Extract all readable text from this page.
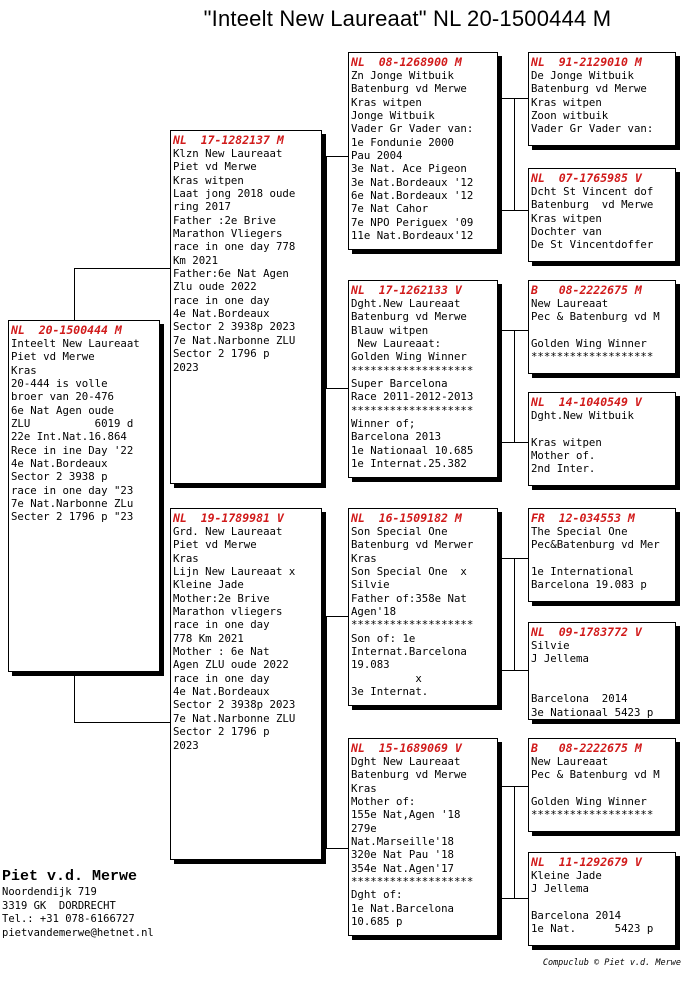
"Inteelt New Laureaat" NL 20-1500444 M
NL  20-1500444 M
Inteelt New Laureaat
Piet vd Merwe
Kras
20-444 is volle
broer van 20-476
6e Nat Agen oude
ZLU          6019 d
22e Int.Nat.16.864
Rece in ine Day '22
4e Nat.Bordeaux
Sector 2 3938 p
race in one day "23
7e Nat.Narbonne ZLu
Secter 2 1796 p "23
NL  17-1282137 M
Klzn New Laureaat
Piet vd Merwe
Kras witpen
Laat jong 2018 oude
ring 2017
Father :2e Brive
Marathon Vliegers
race in one day 778
Km 2021
Father:6e Nat Agen
Zlu oude 2022
race in one day
4e Nat.Bordeaux
Sector 2 3938p 2023
7e Nat.Narbonne ZLU
Sector 2 1796 p
2023
NL  19-1789981 V
Grd. New Laureaat
Piet vd Merwe
Kras
Lijn New Laureaat x
Kleine Jade
Mother:2e Brive
Marathon vliegers
race in one day
778 Km 2021
Mother : 6e Nat
Agen ZLU oude 2022
race in one day
4e Nat.Bordeaux
Sector 2 3938p 2023
7e Nat.Narbonne ZLU
Sector 2 1796 p
2023
NL  08-1268900 M
Zn Jonge Witbuik
Batenburg vd Merwe
Kras witpen
Jonge Witbuik
Vader Gr Vader van:
1e Fondunie 2000
Pau 2004
3e Nat. Ace Pigeon
3e Nat.Bordeaux '12
6e Nat.Bordeaux '12
7e Nat Cahor
7e NPO Periguex '09
11e Nat.Bordeaux'12
NL  17-1262133 V
Dght.New Laureaat
Batenburg vd Merwe
Blauw witpen
New Laureaat:
Golden Wing Winner
*******************
Super Barcelona
Race 2011-2012-2013
*******************
Winner of;
Barcelona 2013
1e Nationaal 10.685
1e Internat.25.382
NL  16-1509182 M
Son Special One
Batenburg vd Merwer
Kras
Son Special One  x
Silvie
Father of:358e Nat
Agen'18
*******************
Son of: 1e
Internat.Barcelona
19.083
x
3e Internat.
NL  15-1689069 V
Dght New Laureaat
Batenburg vd Merwe
Kras
Mother of:
155e Nat,Agen '18
279e
Nat.Marseille'18
320e Nat Pau '18
354e Nat.Agen'17
*******************
Dght of:
1e Nat.Barcelona
10.685 p
NL  91-2129010 M
De Jonge Witbuik
Batenburg vd Merwe
Kras witpen
Zoon witbuik
Vader Gr Vader van:
NL  07-1765985 V
Dcht St Vincent dof
Batenburg  vd Merwe
Kras witpen
Dochter van
De St Vincentdoffer
B   08-2222675 M
New Laureaat
Pec & Batenburg vd M

Golden Wing Winner
*******************
NL  14-1040549 V
Dght.New Witbuik

Kras witpen
Mother of.
2nd Inter.
FR  12-034553 M
The Special One
Pec&Batenburg vd Mer

1e International
Barcelona 19.083 p
NL  09-1783772 V
Silvie
J Jellema

Barcelona  2014
3e Nationaal 5423 p
B   08-2222675 M
New Laureaat
Pec & Batenburg vd M

Golden Wing Winner
*******************
NL  11-1292679 V
Kleine Jade
J Jellema

Barcelona 2014
1e Nat.      5423 p
Piet v.d. Merwe
Noordendijk 719
3319 GK  DORDRECHT
Tel.: +31 078-6166727
pietvandemerwe@hetnet.nl
Compuclub © Piet v.d. Merwe
